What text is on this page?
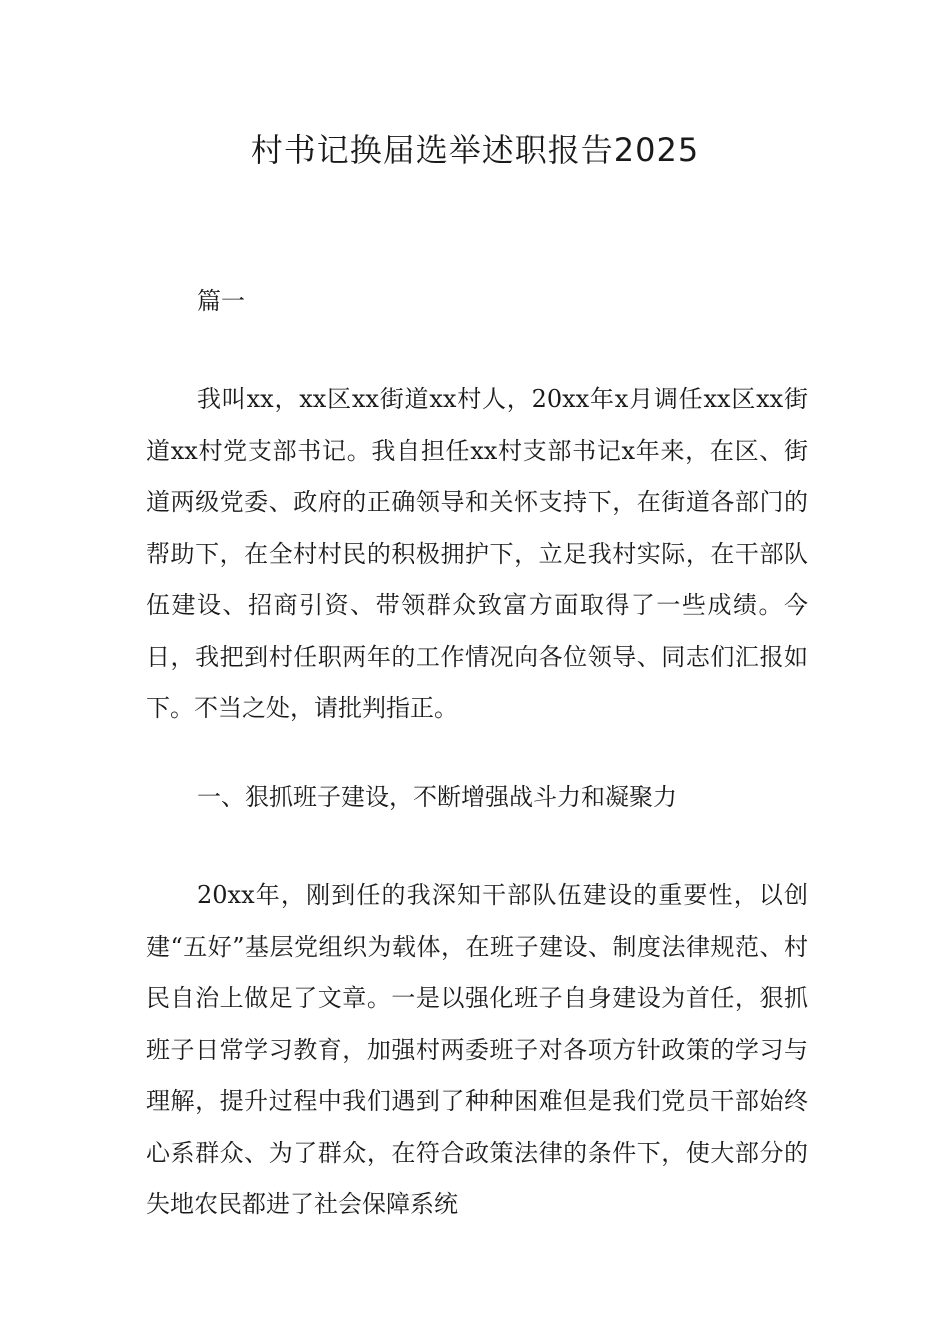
村书记换届选举述职报告2025

篇一

我叫xx，xx区xx街道xx村人，20xx年x月调任xx区xx街道xx村党支部书记。我自担任xx村支部书记x年来，在区、街道两级党委、政府的正确领导和关怀支持下，在街道各部门的帮助下，在全村村民的积极拥护下，立足我村实际，在干部队伍建设、招商引资、带领群众致富方面取得了一些成绩。今日，我把到村任职两年的工作情况向各位领导、同志们汇报如下。不当之处，请批判指正。

一、狠抓班子建设，不断增强战斗力和凝聚力

20xx年，刚到任的我深知干部队伍建设的重要性，以创建“五好”基层党组织为载体，在班子建设、制度法律规范、村民自治上做足了文章。一是以强化班子自身建设为首任，狠抓班子日常学习教育，加强村两委班子对各项方针政策的学习与理解，提升过程中我们遇到了种种困难但是我们党员干部始终心系群众、为了群众，在符合政策法律的条件下，使大部分的失地农民都进了社会保障系统
